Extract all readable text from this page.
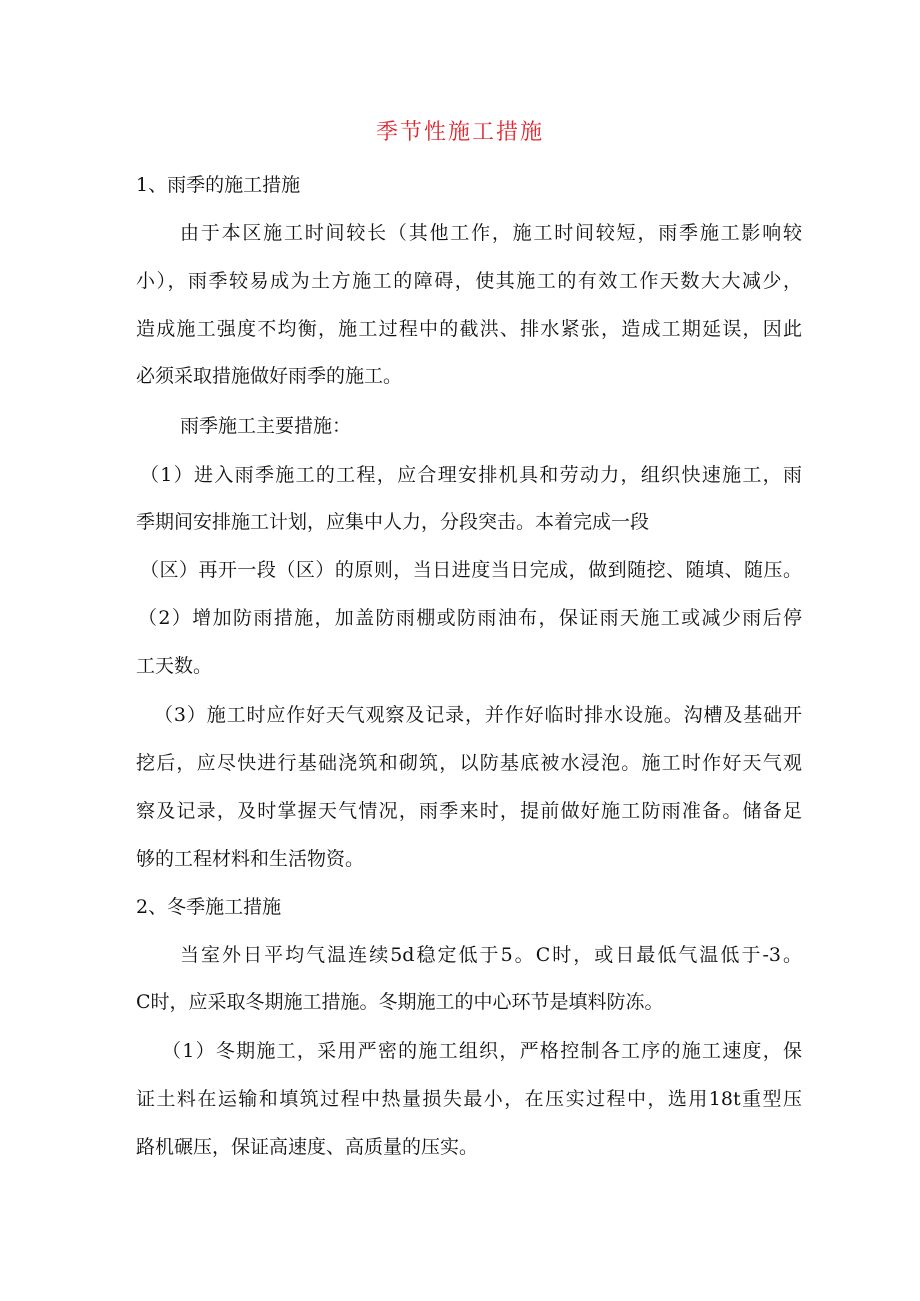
季节性施工措施
1、雨季的施工措施
由于本区施工时间较长（其他工作，施工时间较短，雨季施工影响较
小），雨季较易成为土方施工的障碍，使其施工的有效工作天数大大减少，
造成施工强度不均衡，施工过程中的截洪、排水紧张，造成工期延误，因此
必须采取措施做好雨季的施工。
雨季施工主要措施：
（1）进入雨季施工的工程，应合理安排机具和劳动力，组织快速施工，雨
季期间安排施工计划，应集中人力，分段突击。本着完成一段
（区）再开一段（区）的原则，当日进度当日完成，做到随挖、随填、随压。
（2）增加防雨措施，加盖防雨棚或防雨油布，保证雨天施工或减少雨后停
工天数。
（3）施工时应作好天气观察及记录，并作好临时排水设施。沟槽及基础开
挖后，应尽快进行基础浇筑和砌筑，以防基底被水浸泡。施工时作好天气观
察及记录，及时掌握天气情况，雨季来时，提前做好施工防雨准备。储备足
够的工程材料和生活物资。
2、冬季施工措施
当室外日平均气温连续5d稳定低于5。C时，或日最低气温低于-3。
C时，应采取冬期施工措施。冬期施工的中心环节是填料防冻。
（1）冬期施工，采用严密的施工组织，严格控制各工序的施工速度，保
证土料在运输和填筑过程中热量损失最小，在压实过程中，选用18t重型压
路机碾压，保证高速度、高质量的压实。
